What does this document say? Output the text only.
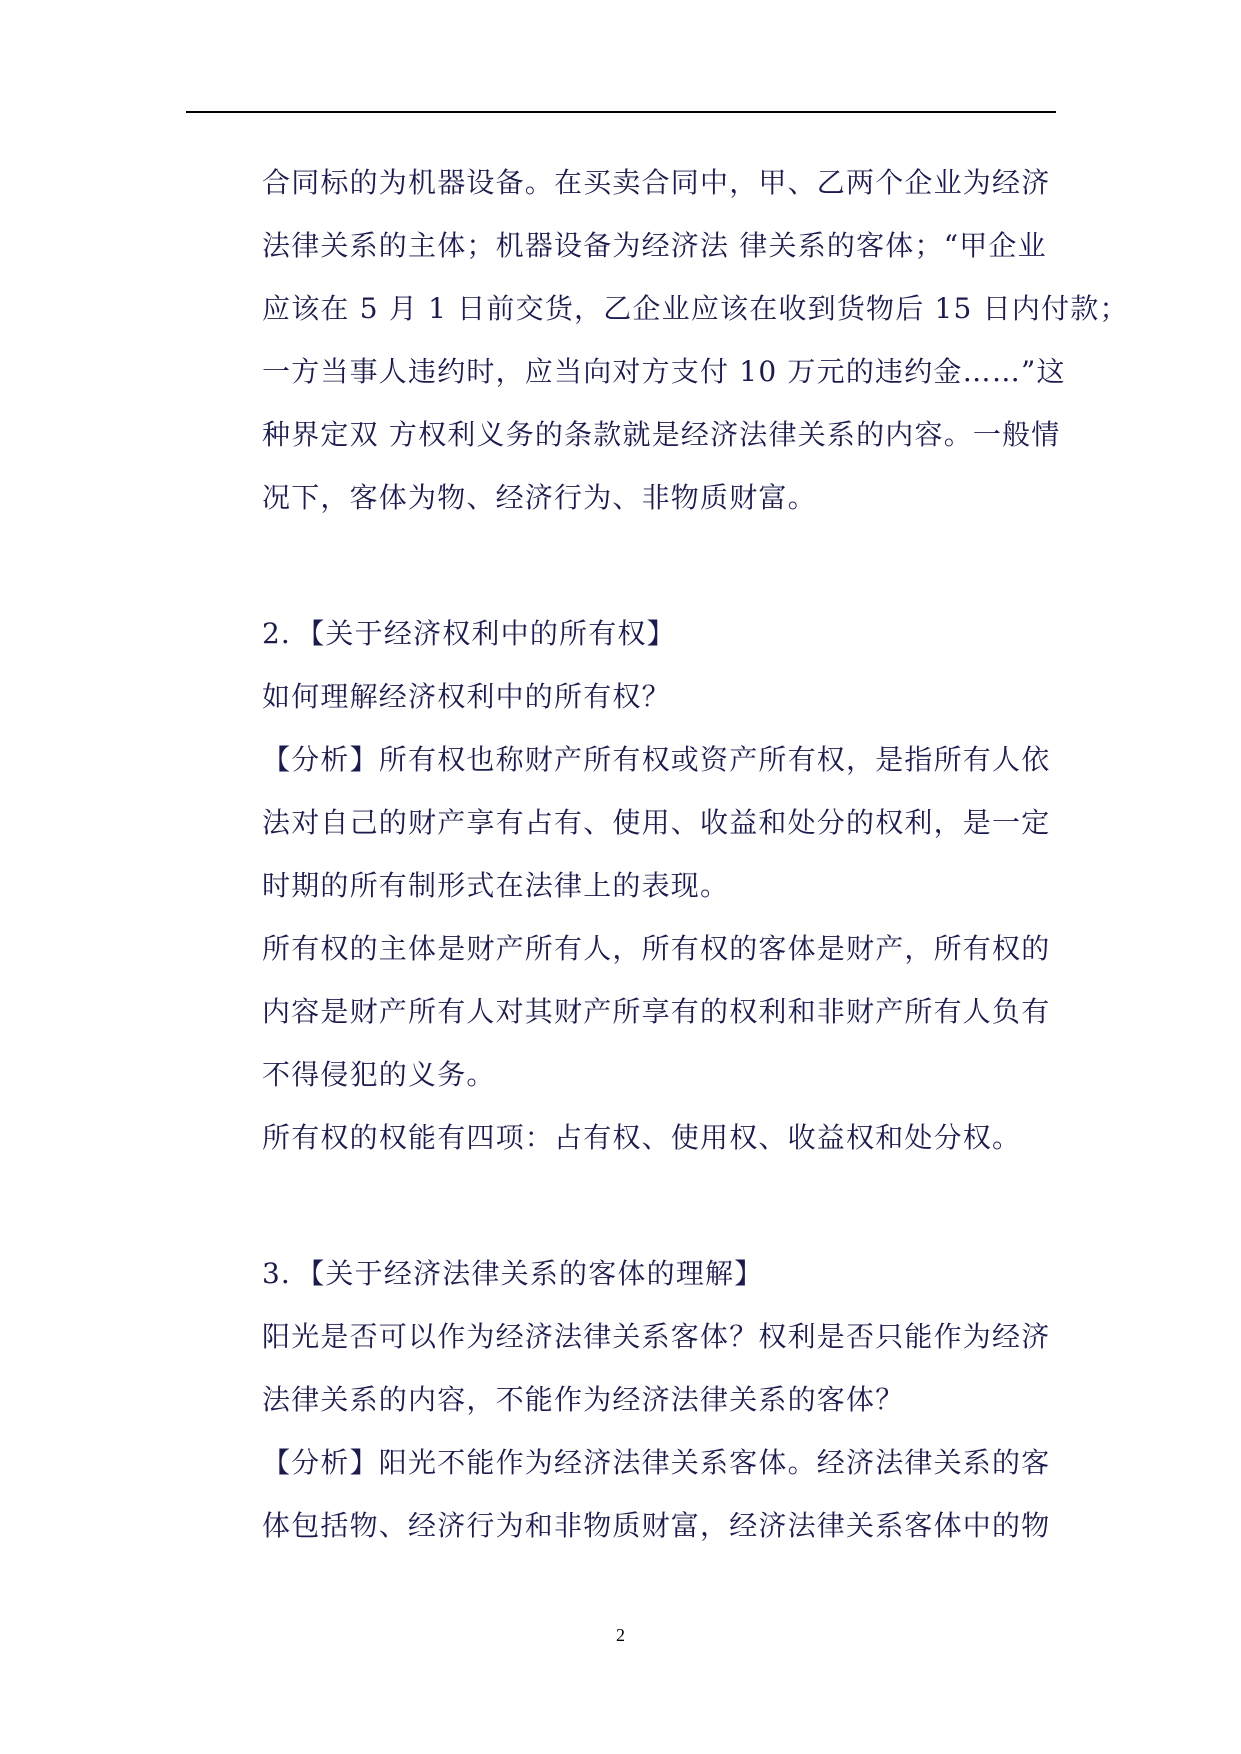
合同标的为机器设备。在买卖合同中，甲、乙两个企业为经济
法律关系的主体；机器设备为经济法 律关系的客体；“甲企业
应该在 5 月 1 日前交货，乙企业应该在收到货物后 15 日内付款；
一方当事人违约时，应当向对方支付 10 万元的违约金……”这
种界定双 方权利义务的条款就是经济法律关系的内容。一般情
况下，客体为物、经济行为、非物质财富。
2．【关于经济权利中的所有权】
如何理解经济权利中的所有权？
【分析】所有权也称财产所有权或资产所有权，是指所有人依
法对自己的财产享有占有、使用、收益和处分的权利，是一定
时期的所有制形式在法律上的表现。
所有权的主体是财产所有人，所有权的客体是财产，所有权的
内容是财产所有人对其财产所享有的权利和非财产所有人负有
不得侵犯的义务。
所有权的权能有四项：占有权、使用权、收益权和处分权。
3．【关于经济法律关系的客体的理解】
阳光是否可以作为经济法律关系客体？权利是否只能作为经济
法律关系的内容，不能作为经济法律关系的客体？
【分析】阳光不能作为经济法律关系客体。经济法律关系的客
体包括物、经济行为和非物质财富，经济法律关系客体中的物
2
